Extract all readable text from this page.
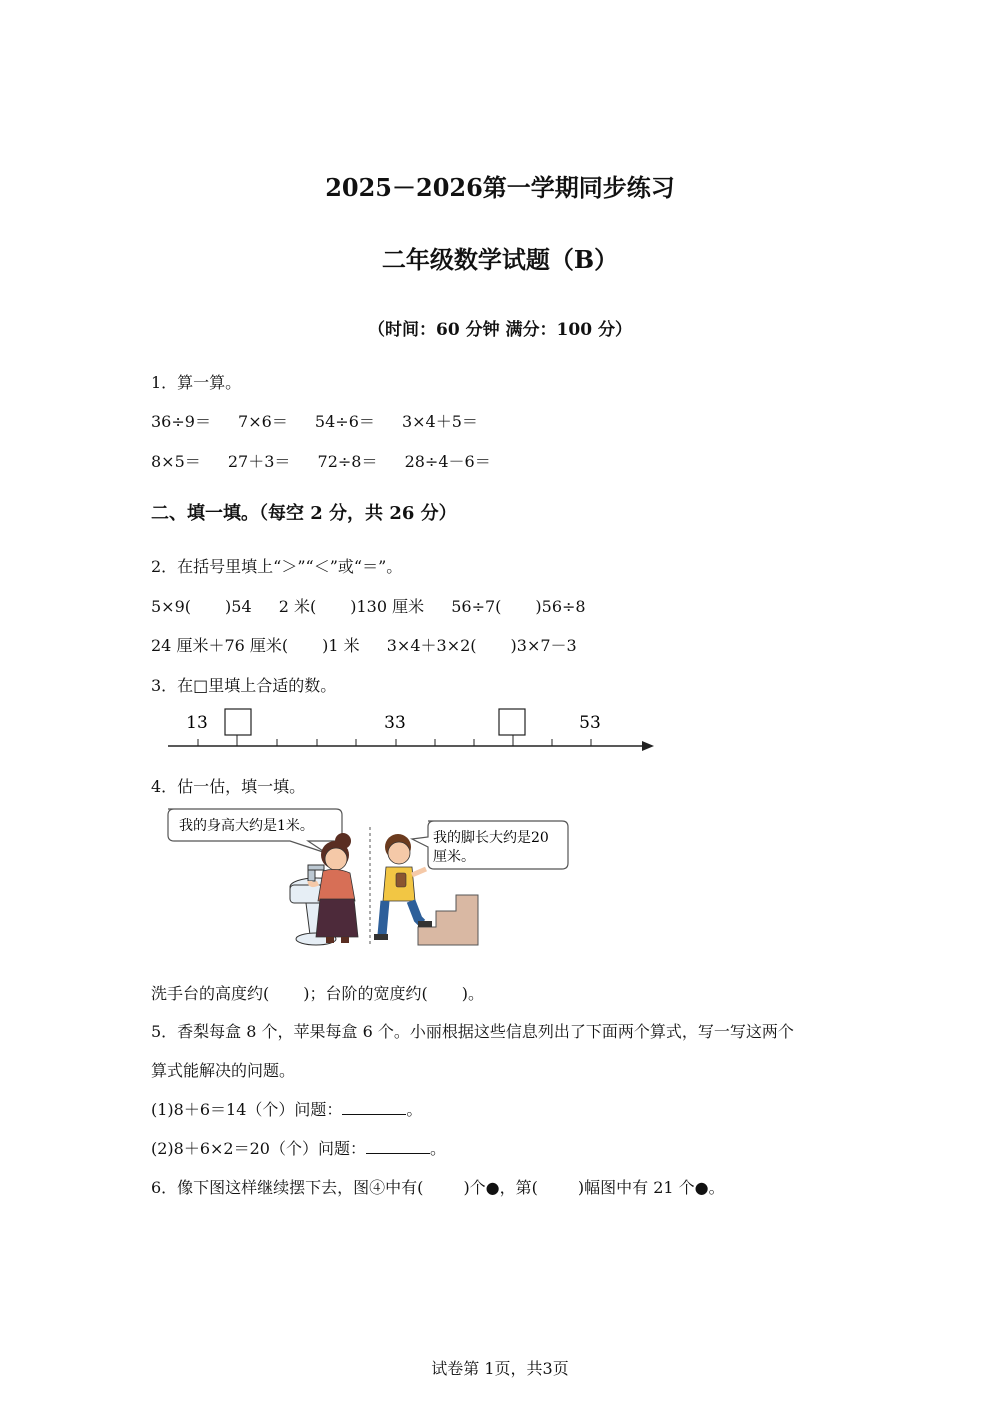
2025－2026第一学期同步练习
二年级数学试题（B）
（时间：60 分钟 满分：100 分）
1．算一算。
36÷9＝ 7×6＝ 54÷6＝ 3×4＋5＝
8×5＝ 27＋3＝ 72÷8＝ 28÷4－6＝
二、填一填。（每空 2 分，共 26 分）
2．在括号里填上“＞”“＜”或“＝”。
5×9( )54 2 米( )130 厘米 56÷7( )56÷8
24 厘米＋76 厘米( )1 米 3×4＋3×2( )3×7－3
3．在□里填上合适的数。
13	33	53
4．估一估，填一填。
我的身高大约是1米。
我的脚长大约是20
厘米。
洗手台的高度约( )；台阶的宽度约( )。
5．香梨每盒 8 个，苹果每盒 6 个。小丽根据这些信息列出了下面两个算式，写一写这两个
算式能解决的问题。
(1)8＋6＝14（个）问题：	。
(2)8＋6×2＝20（个）问题：	。
6．像下图这样继续摆下去，图④中有(	)个●，第(	)幅图中有 21 个●。
试卷第 1页，共3页
